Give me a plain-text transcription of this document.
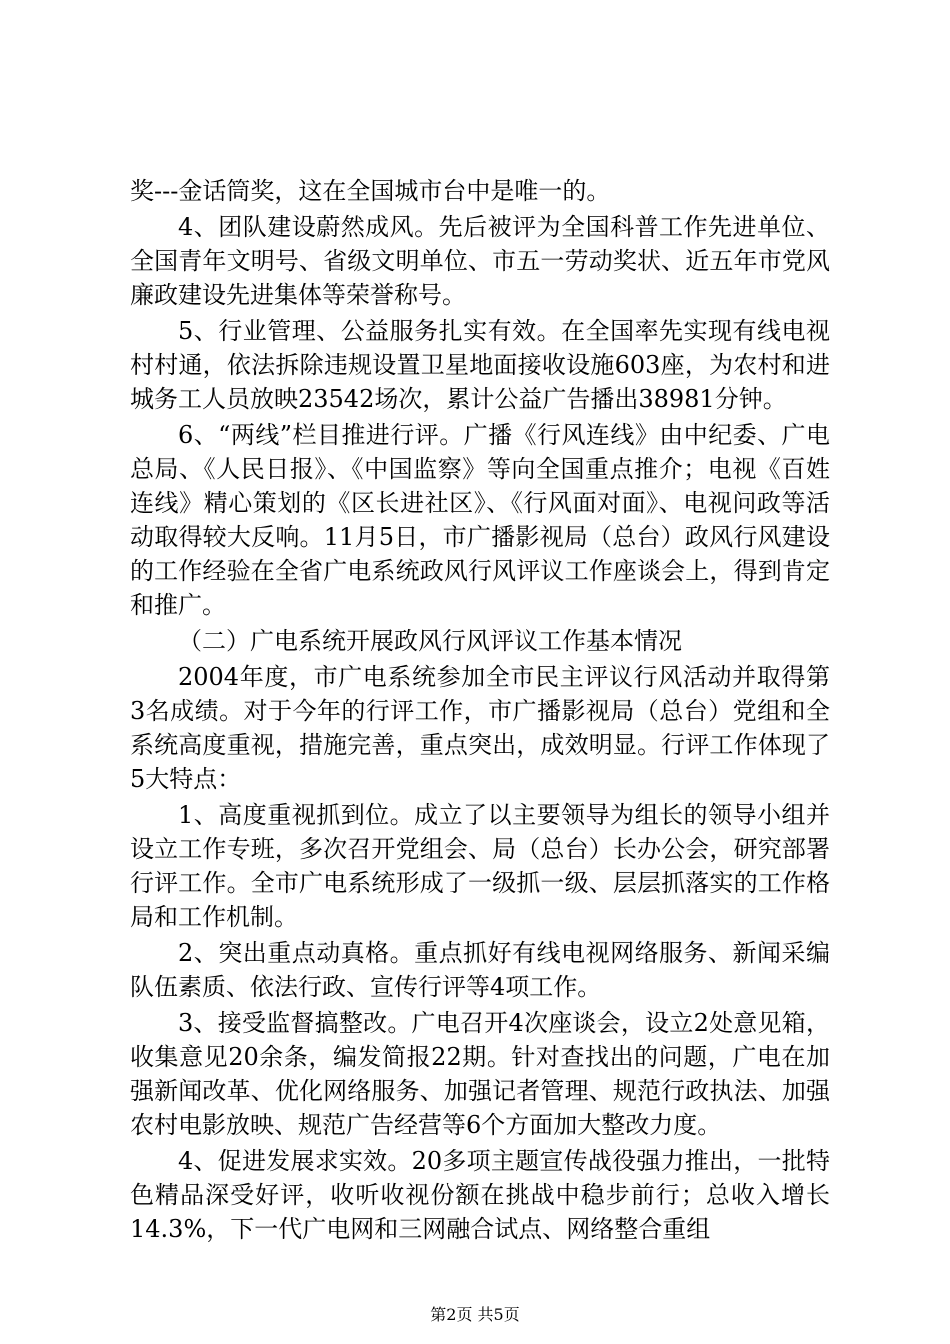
奖---金话筒奖，这在全国城市台中是唯一的。

4、团队建设蔚然成风。先后被评为全国科普工作先进单位、全国青年文明号、省级文明单位、市五一劳动奖状、近五年市党风廉政建设先进集体等荣誉称号。

5、行业管理、公益服务扎实有效。在全国率先实现有线电视村村通，依法拆除违规设置卫星地面接收设施603座，为农村和进城务工人员放映23542场次，累计公益广告播出38981分钟。

6、“两线”栏目推进行评。广播《行风连线》由中纪委、广电总局、《人民日报》、《中国监察》等向全国重点推介；电视《百姓连线》精心策划的《区长进社区》、《行风面对面》、电视问政等活动取得较大反响。11月5日，市广播影视局（总台）政风行风建设的工作经验在全省广电系统政风行风评议工作座谈会上，得到肯定和推广。

（二）广电系统开展政风行风评议工作基本情况

2004年度，市广电系统参加全市民主评议行风活动并取得第3名成绩。对于今年的行评工作，市广播影视局（总台）党组和全系统高度重视，措施完善，重点突出，成效明显。行评工作体现了5大特点：

1、高度重视抓到位。成立了以主要领导为组长的领导小组并设立工作专班，多次召开党组会、局（总台）长办公会，研究部署行评工作。全市广电系统形成了一级抓一级、层层抓落实的工作格局和工作机制。

2、突出重点动真格。重点抓好有线电视网络服务、新闻采编队伍素质、依法行政、宣传行评等4项工作。

3、接受监督搞整改。广电召开4次座谈会，设立2处意见箱，收集意见20余条，编发简报22期。针对查找出的问题，广电在加强新闻改革、优化网络服务、加强记者管理、规范行政执法、加强农村电影放映、规范广告经营等6个方面加大整改力度。

4、促进发展求实效。20多项主题宣传战役强力推出，一批特色精品深受好评，收听收视份额在挑战中稳步前行；总收入增长14.3%，下一代广电网和三网融合试点、网络整合重组

第2页 共5页
